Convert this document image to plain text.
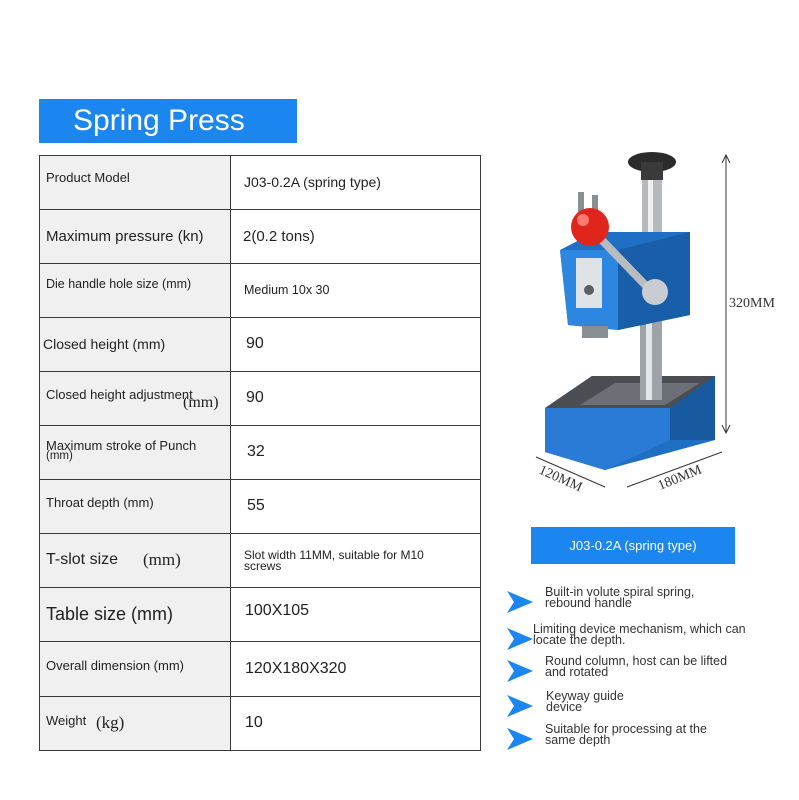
Spring Press
Product Model	J03-0.2A (spring type)

Maximum pressure (kn)	2(0.2 tons)

Die handle hole size (mm)	Medium 10x 30

Closed height (mm)	90

Closed height adjustment
(mm)	90

Maximum stroke of Punch
(mm)	32

Throat depth (mm)	55

T-slot size (mm)	Slot width 11MM, suitable for M10 screws

Table size (mm)	100X105

Overall dimension (mm)	120X180X320

Weight (kg)	10
320MM
120MM	180MM
J03-0.2A (spring type)
Built-in volute spiral spring,
rebound handle
Limiting device mechanism, which can
locate the depth.
Round column, host can be lifted
and rotated
Keyway guide
device
Suitable for processing at the
same depth
